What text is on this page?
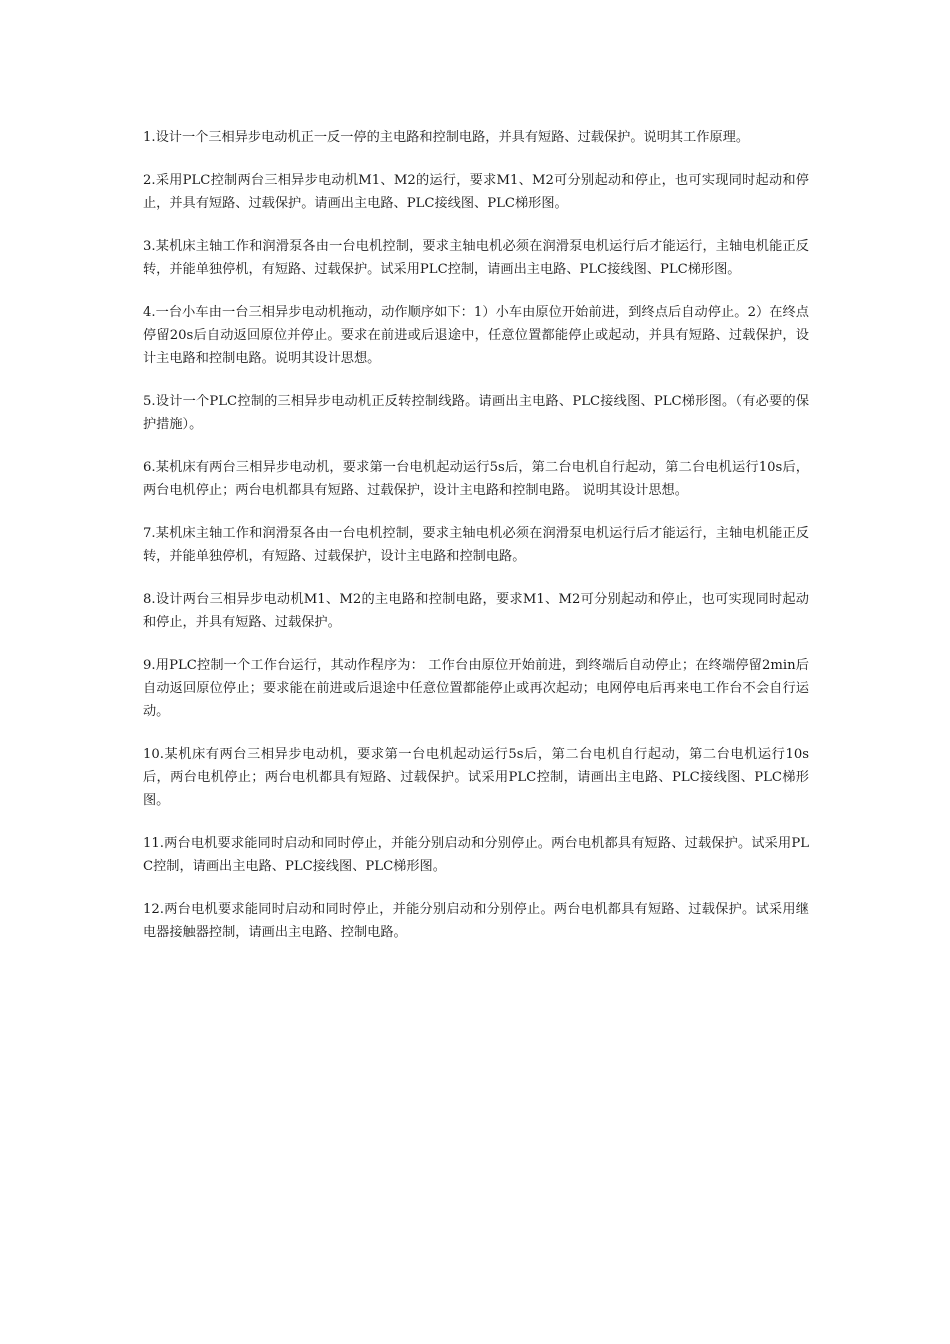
1.设计一个三相异步电动机正一反一停的主电路和控制电路，并具有短路、过载保护。说明其工作原理。

2.采用PLC控制两台三相异步电动机M1、M2的运行，要求M1、M2可分别起动和停止，也可实现同时起动和停止，并具有短路、过载保护。请画出主电路、PLC接线图、PLC梯形图。

3.某机床主轴工作和润滑泵各由一台电机控制，要求主轴电机必须在润滑泵电机运行后才能运行，主轴电机能正反转，并能单独停机，有短路、过载保护。试采用PLC控制，请画出主电路、PLC接线图、PLC梯形图。

4.一台小车由一台三相异步电动机拖动，动作顺序如下：1）小车由原位开始前进，到终点后自动停止。2）在终点停留20s后自动返回原位并停止。要求在前进或后退途中，任意位置都能停止或起动，并具有短路、过载保护，设计主电路和控制电路。说明其设计思想。

5.设计一个PLC控制的三相异步电动机正反转控制线路。请画出主电路、PLC接线图、PLC梯形图。（有必要的保护措施）。

6.某机床有两台三相异步电动机，要求第一台电机起动运行5s后，第二台电机自行起动，第二台电机运行10s后，两台电机停止；两台电机都具有短路、过载保护，设计主电路和控制电路。 说明其设计思想。

7.某机床主轴工作和润滑泵各由一台电机控制，要求主轴电机必须在润滑泵电机运行后才能运行，主轴电机能正反转，并能单独停机，有短路、过载保护，设计主电路和控制电路。

8.设计两台三相异步电动机M1、M2的主电路和控制电路，要求M1、M2可分别起动和停止，也可实现同时起动和停止，并具有短路、过载保护。

9.用PLC控制一个工作台运行，其动作程序为： 工作台由原位开始前进，到终端后自动停止；在终端停留2min后自动返回原位停止；要求能在前进或后退途中任意位置都能停止或再次起动；电网停电后再来电工作台不会自行运动。

10.某机床有两台三相异步电动机，要求第一台电机起动运行5s后，第二台电机自行起动，第二台电机运行10s后，两台电机停止；两台电机都具有短路、过载保护。试采用PLC控制，请画出主电路、PLC接线图、PLC梯形图。

11.两台电机要求能同时启动和同时停止，并能分别启动和分别停止。两台电机都具有短路、过载保护。试采用PLC控制，请画出主电路、PLC接线图、PLC梯形图。

12.两台电机要求能同时启动和同时停止，并能分别启动和分别停止。两台电机都具有短路、过载保护。试采用继电器接触器控制，请画出主电路、控制电路。
